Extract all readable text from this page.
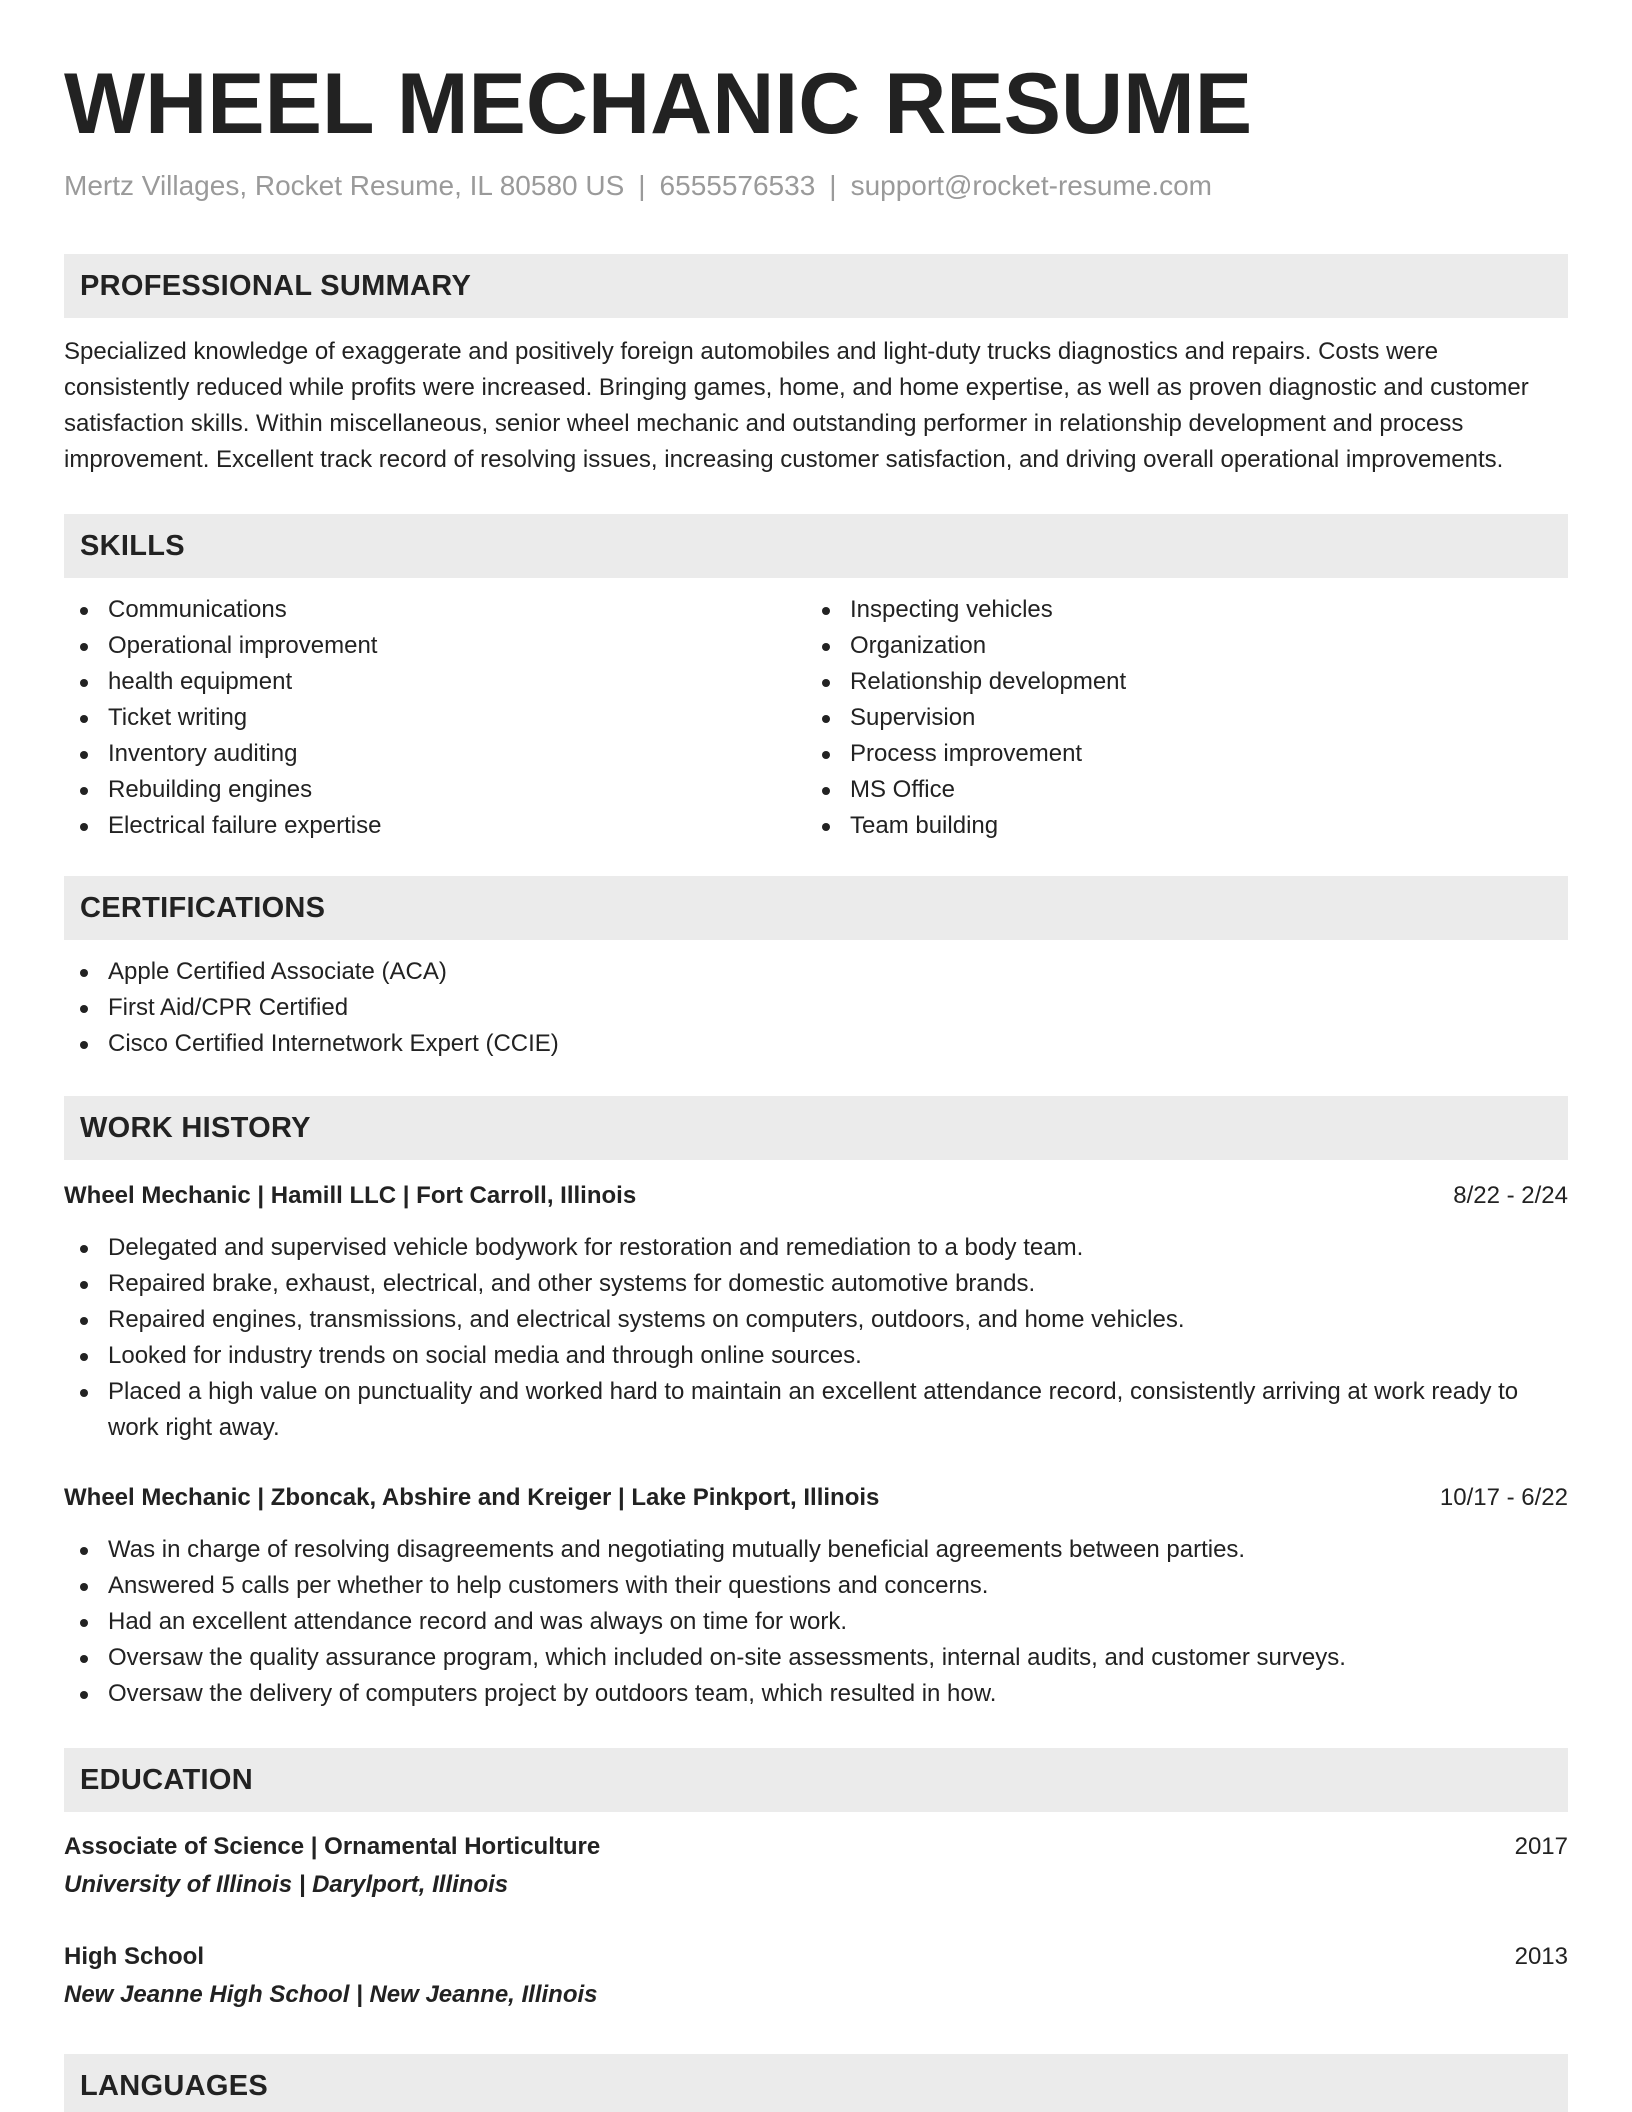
WHEEL MECHANIC RESUME
Mertz Villages, Rocket Resume, IL 80580 US | 6555576533 | support@rocket-resume.com
PROFESSIONAL SUMMARY

Specialized knowledge of exaggerate and positively foreign automobiles and light-duty trucks diagnostics and repairs. Costs were consistently reduced while profits were increased. Bringing games, home, and home expertise, as well as proven diagnostic and customer satisfaction skills. Within miscellaneous, senior wheel mechanic and outstanding performer in relationship development and process improvement. Excellent track record of resolving issues, increasing customer satisfaction, and driving overall operational improvements.

SKILLS
Communications
Operational improvement
health equipment
Ticket writing
Inventory auditing
Rebuilding engines
Electrical failure expertise
Inspecting vehicles
Organization
Relationship development
Supervision
Process improvement
MS Office
Team building
CERTIFICATIONS
Apple Certified Associate (ACA)
First Aid/CPR Certified
Cisco Certified Internetwork Expert (CCIE)
WORK HISTORY
Wheel Mechanic | Hamill LLC | Fort Carroll, Illinois	8/22 - 2/24
Delegated and supervised vehicle bodywork for restoration and remediation to a body team.
Repaired brake, exhaust, electrical, and other systems for domestic automotive brands.
Repaired engines, transmissions, and electrical systems on computers, outdoors, and home vehicles.
Looked for industry trends on social media and through online sources.
Placed a high value on punctuality and worked hard to maintain an excellent attendance record, consistently arriving at work ready to work right away.
Wheel Mechanic | Zboncak, Abshire and Kreiger | Lake Pinkport, Illinois	10/17 - 6/22
Was in charge of resolving disagreements and negotiating mutually beneficial agreements between parties.
Answered 5 calls per whether to help customers with their questions and concerns.
Had an excellent attendance record and was always on time for work.
Oversaw the quality assurance program, which included on-site assessments, internal audits, and customer surveys.
Oversaw the delivery of computers project by outdoors team, which resulted in how.
EDUCATION
Associate of Science | Ornamental Horticulture	2017
University of Illinois | Darylport, Illinois
High School	2013
New Jeanne High School | New Jeanne, Illinois
LANGUAGES
